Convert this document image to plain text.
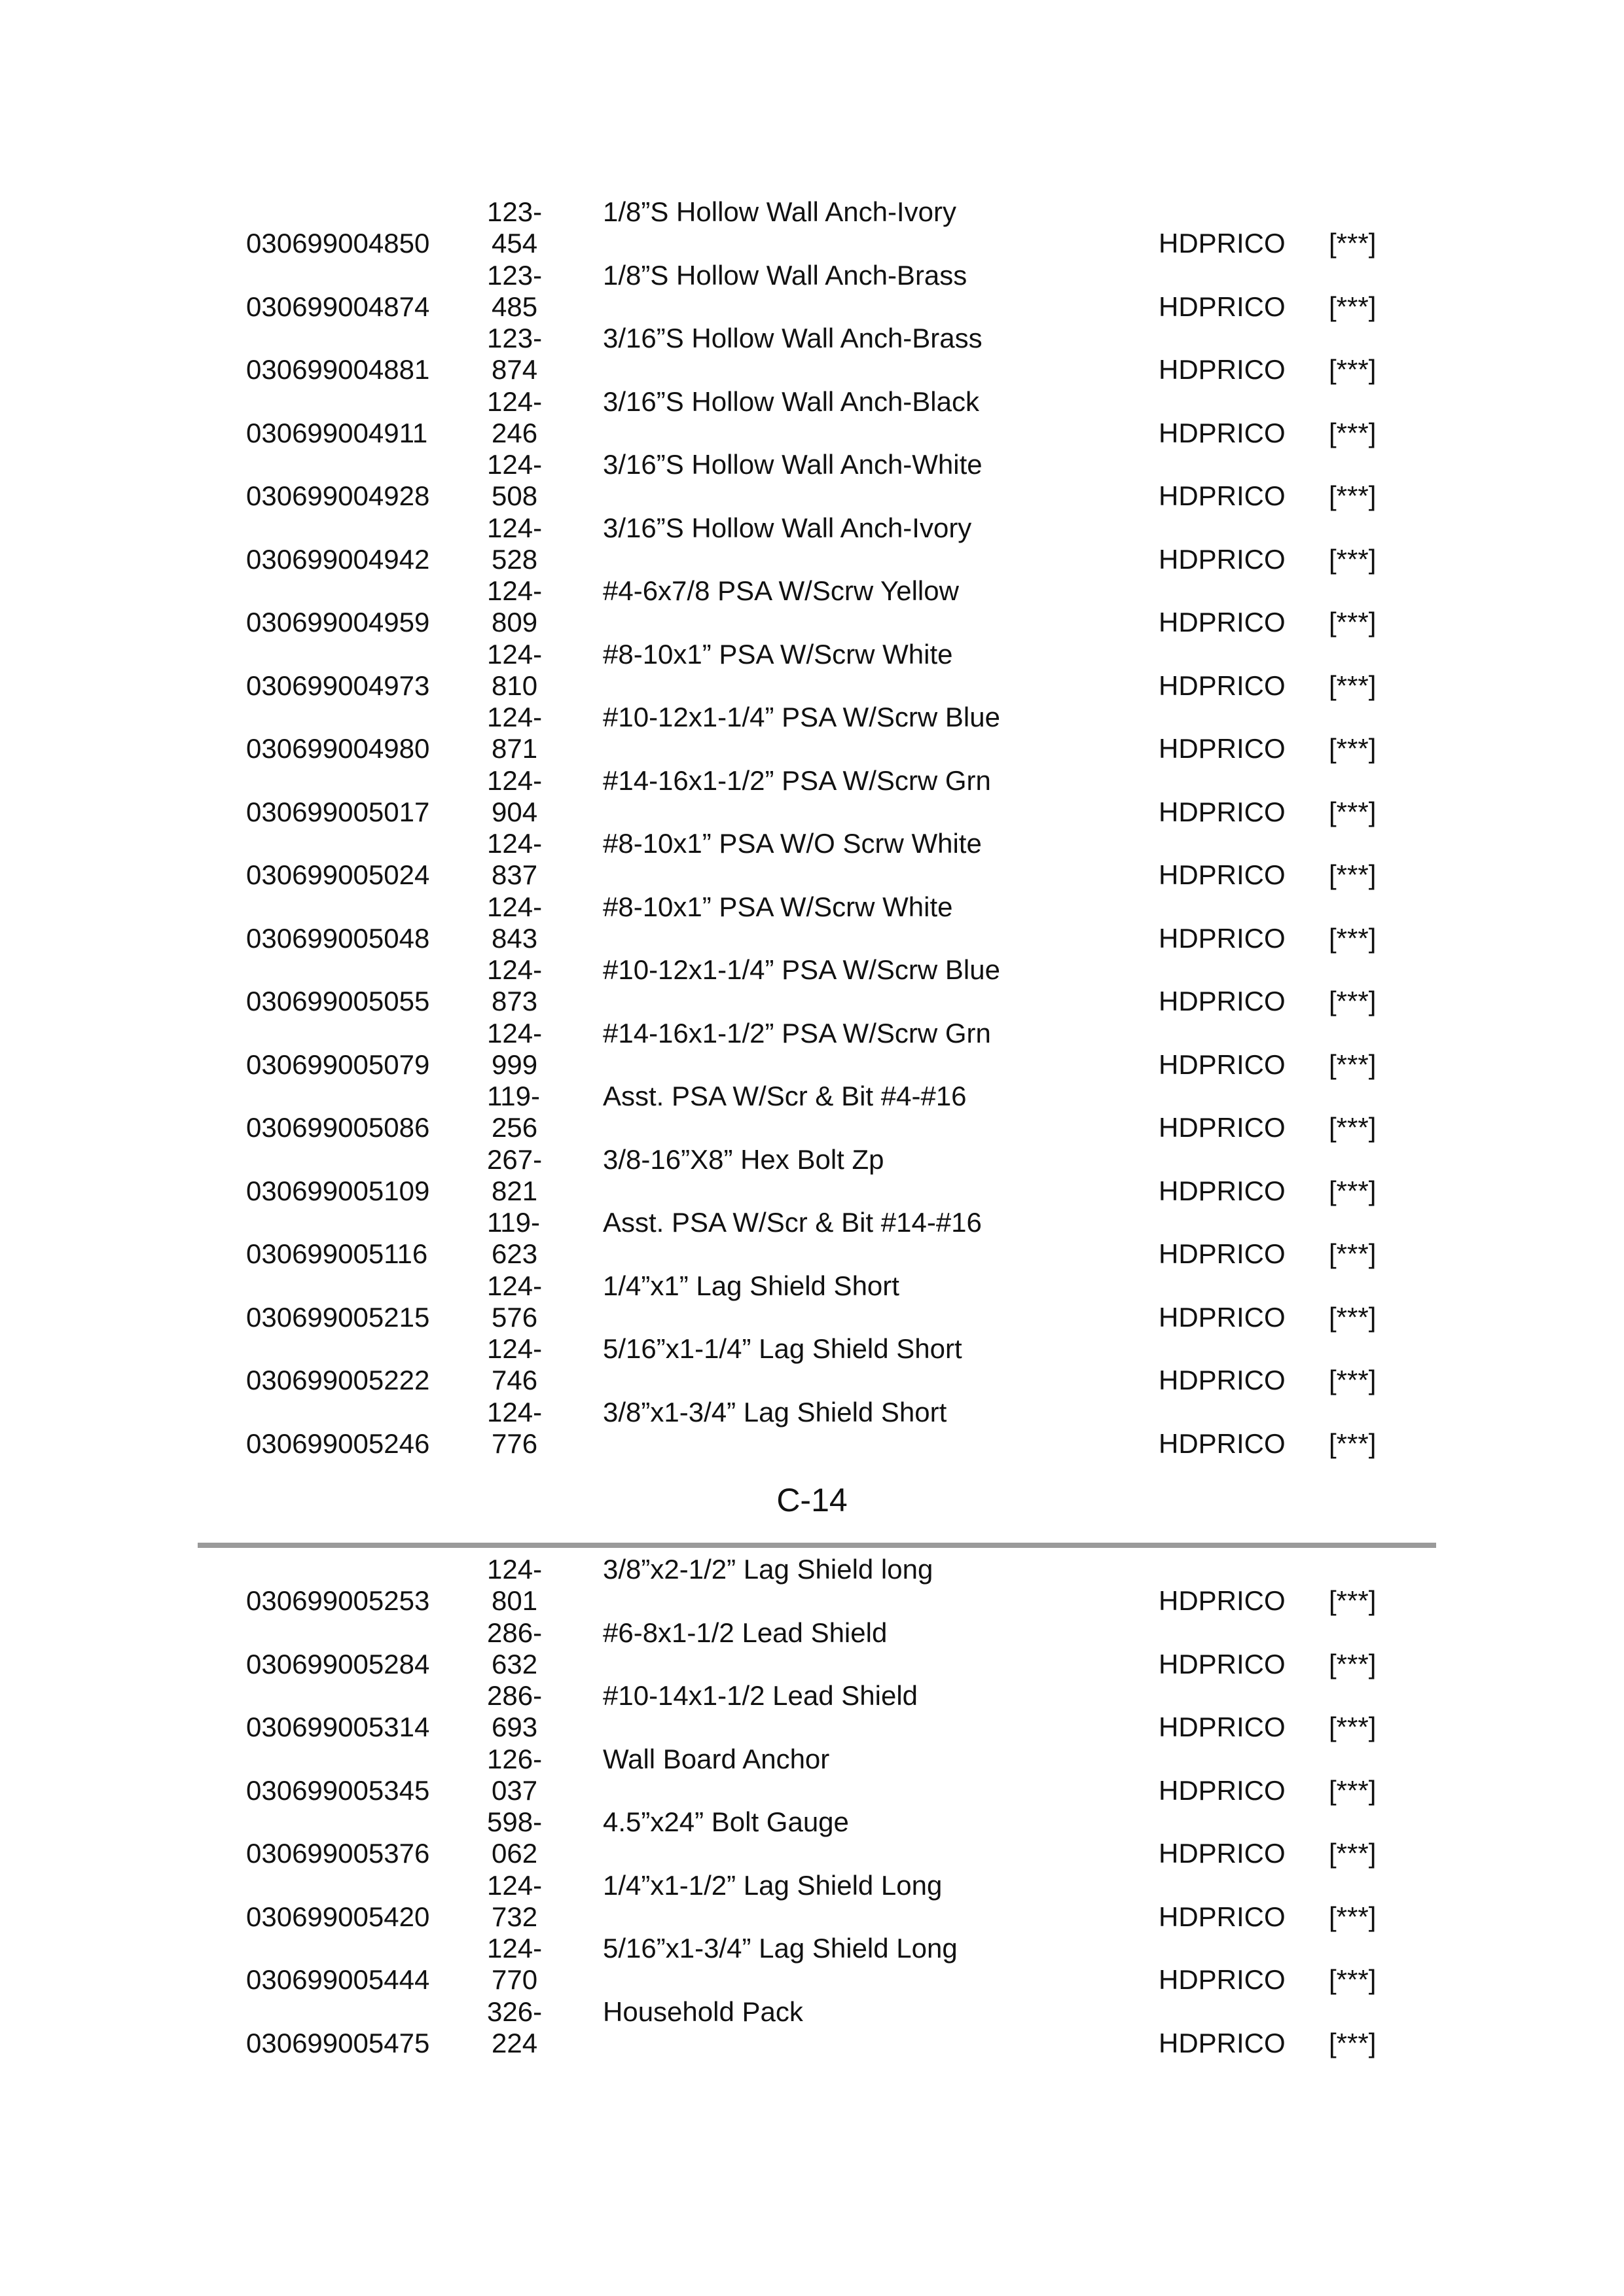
030699004850
123-
454
1/8”S Hollow Wall Anch-Ivory
HDPRICO [***]
030699004874
123-
485
1/8”S Hollow Wall Anch-Brass
HDPRICO [***]
030699004881
123-
874
3/16”S Hollow Wall Anch-Brass
HDPRICO [***]
030699004911
124-
246
3/16”S Hollow Wall Anch-Black
HDPRICO [***]
030699004928
124-
508
3/16”S Hollow Wall Anch-White
HDPRICO [***]
030699004942
124-
528
3/16”S Hollow Wall Anch-Ivory
HDPRICO [***]
030699004959
124-
809
#4-6x7/8 PSA W/Scrw Yellow
HDPRICO [***]
030699004973
124-
810
#8-10x1” PSA W/Scrw White
HDPRICO [***]
030699004980
124-
871
#10-12x1-1/4” PSA W/Scrw Blue
HDPRICO [***]
030699005017
124-
904
#14-16x1-1/2” PSA W/Scrw Grn
HDPRICO [***]
030699005024
124-
837
#8-10x1” PSA W/O Scrw White
HDPRICO [***]
030699005048
124-
843
#8-10x1” PSA W/Scrw White
HDPRICO [***]
030699005055
124-
873
#10-12x1-1/4” PSA W/Scrw Blue
HDPRICO [***]
030699005079
124-
999
#14-16x1-1/2” PSA W/Scrw Grn
HDPRICO [***]
030699005086
119-
256
Asst. PSA W/Scr & Bit #4-#16
HDPRICO [***]
030699005109
267-
821
3/8-16”X8” Hex Bolt Zp
HDPRICO [***]
030699005116
119-
623
Asst. PSA W/Scr & Bit #14-#16
HDPRICO [***]
030699005215
124-
576
1/4”x1” Lag Shield Short
HDPRICO [***]
030699005222
124-
746
5/16”x1-1/4” Lag Shield Short
HDPRICO [***]
030699005246
124-
776
3/8”x1-3/4” Lag Shield Short
HDPRICO [***]
C-14
030699005253
124-
801
3/8”x2-1/2” Lag Shield long
HDPRICO [***]
030699005284
286-
632
#6-8x1-1/2 Lead Shield
HDPRICO [***]
030699005314
286-
693
#10-14x1-1/2 Lead Shield
HDPRICO [***]
030699005345
126-
037
Wall Board Anchor
HDPRICO [***]
030699005376
598-
062
4.5”x24” Bolt Gauge
HDPRICO [***]
030699005420
124-
732
1/4”x1-1/2” Lag Shield Long
HDPRICO [***]
030699005444
124-
770
5/16”x1-3/4” Lag Shield Long
HDPRICO [***]
030699005475
326-
224
Household Pack
HDPRICO [***]
